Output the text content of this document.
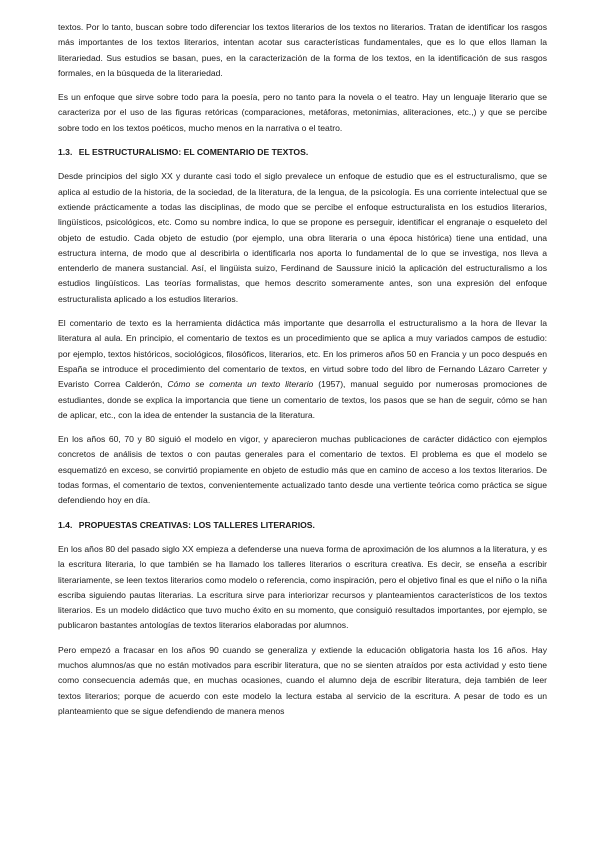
textos. Por lo tanto, buscan sobre todo diferenciar los textos literarios de los textos no literarios. Tratan de identificar los rasgos más importantes de los textos literarios, intentan acotar sus características fundamentales, que es lo que ellos llaman la literariedad. Sus estudios se basan, pues, en la caracterización de la forma de los textos, en la identificación de sus rasgos formales, en la búsqueda de la literariedad.

Es un enfoque que sirve sobre todo para la poesía, pero no tanto para la novela o el teatro. Hay un lenguaje literario que se caracteriza por el uso de las figuras retóricas (comparaciones, metáforas, metonimias, aliteraciones, etc.,) y que se percibe sobre todo en los textos poéticos, mucho menos en la narrativa o el teatro.

1.3. EL ESTRUCTURALISMO: EL COMENTARIO DE TEXTOS.

Desde principios del siglo XX y durante casi todo el siglo prevalece un enfoque de estudio que es el estructuralismo, que se aplica al estudio de la historia, de la sociedad, de la literatura, de la lengua, de la psicología. Es una corriente intelectual que se extiende prácticamente a todas las disciplinas, de modo que se percibe el enfoque estructuralista en los estudios literarios, lingüísticos, psicológicos, etc. Como su nombre indica, lo que se propone es perseguir, identificar el engranaje o esqueleto del objeto de estudio. Cada objeto de estudio (por ejemplo, una obra literaria o una época histórica) tiene una entidad, una estructura interna, de modo que al describirla o identificarla nos aporta lo fundamental de lo que se investiga, nos lleva a entenderlo de manera sustancial. Así, el lingüista suizo, Ferdinand de Saussure inició la aplicación del estructuralismo a los estudios lingüísticos. Las teorías formalistas, que hemos descrito someramente antes, son una expresión del enfoque estructuralista aplicado a los estudios literarios.

El comentario de texto es la herramienta didáctica más importante que desarrolla el estructuralismo a la hora de llevar la literatura al aula. En principio, el comentario de textos es un procedimiento que se aplica a muy variados campos de estudio: por ejemplo, textos históricos, sociológicos, filosóficos, literarios, etc. En los primeros años 50 en Francia y un poco después en España se introduce el procedimiento del comentario de textos, en virtud sobre todo del libro de Fernando Lázaro Carreter y Evaristo Correa Calderón, Cómo se comenta un texto literario (1957), manual seguido por numerosas promociones de estudiantes, donde se explica la importancia que tiene un comentario de textos, los pasos que se han de seguir, cómo se han de aplicar, etc., con la idea de entender la sustancia de la literatura.

En los años 60, 70 y 80 siguió el modelo en vigor, y aparecieron muchas publicaciones de carácter didáctico con ejemplos concretos de análisis de textos o con pautas generales para el comentario de textos. El problema es que el modelo se esquematizó en exceso, se convirtió propiamente en objeto de estudio más que en camino de acceso a los textos literarios. De todas formas, el comentario de textos, convenientemente actualizado tanto desde una vertiente teórica como práctica se sigue defendiendo hoy en día.

1.4. PROPUESTAS CREATIVAS: LOS TALLERES LITERARIOS.

En los años 80 del pasado siglo XX empieza a defenderse una nueva forma de aproximación de los alumnos a la literatura, y es la escritura literaria, lo que también se ha llamado los talleres literarios o escritura creativa. Es decir, se enseña a escribir literariamente, se leen textos literarios como modelo o referencia, como inspiración, pero el objetivo final es que el niño o la niña escriba siguiendo pautas literarias. La escritura sirve para interiorizar recursos y planteamientos característicos de los textos literarios. Es un modelo didáctico que tuvo mucho éxito en su momento, que consiguió resultados importantes, por ejemplo, se publicaron bastantes antologías de textos literarios elaboradas por alumnos.

Pero empezó a fracasar en los años 90 cuando se generaliza y extiende la educación obligatoria hasta los 16 años. Hay muchos alumnos/as que no están motivados para escribir literatura, que no se sienten atraídos por esta actividad y esto tiene como consecuencia además que, en muchas ocasiones, cuando el alumno deja de escribir literatura, deja también de leer textos literarios; porque de acuerdo con este modelo la lectura estaba al servicio de la escritura. A pesar de todo es un planteamiento que se sigue defendiendo de manera menos
